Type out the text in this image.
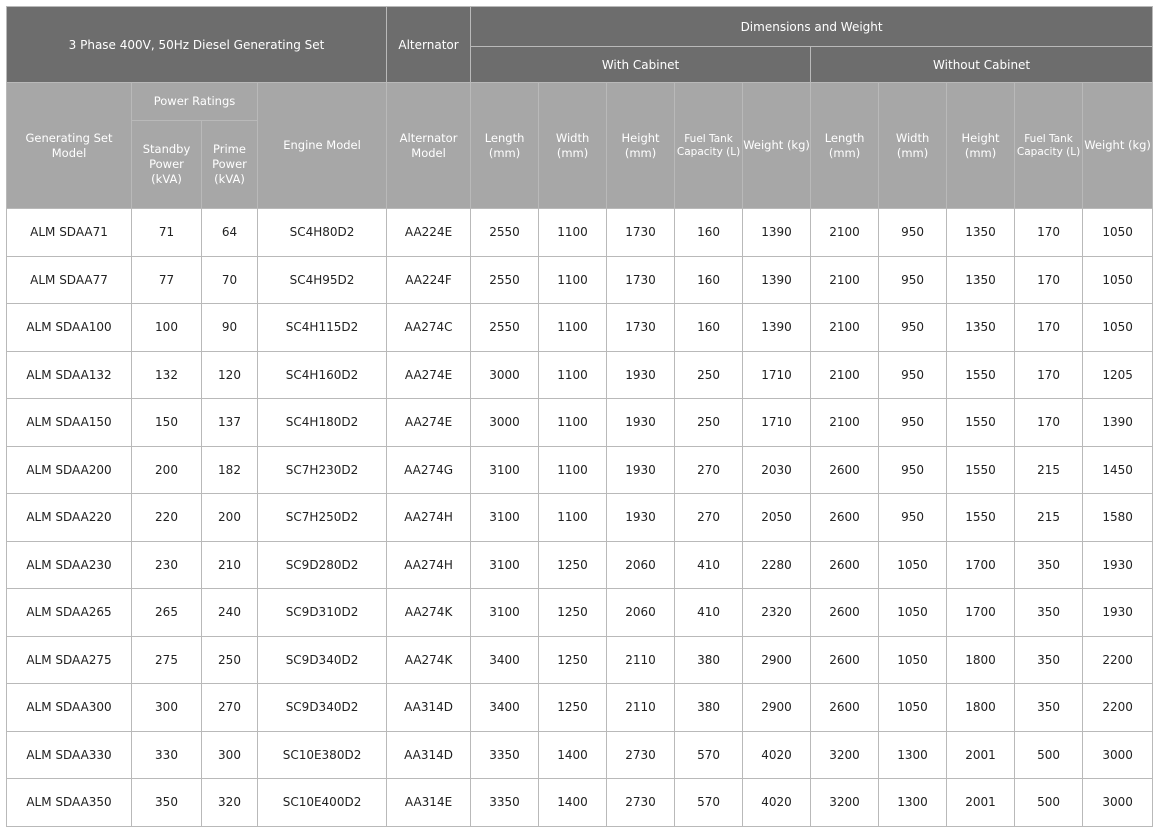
3 Phase 400V, 50Hz Diesel Generating Set				Alternator	Dimensions and Weight									
					With Cabinet					Without Cabinet				
Generating Set Model	Power Ratings		Engine Model	Alternator Model	Length (mm)	Width (mm)	Height (mm)	Fuel Tank Capacity (L)	Weight (kg)	Length (mm)	Width (mm)	Height (mm)	Fuel Tank Capacity (L)	Weight (kg)
	Standby Power (kVA)	Prime Power (kVA)												
ALM SDAA71	71	64	SC4H80D2	AA224E	2550	1100	1730	160	1390	2100	950	1350	170	1050
ALM SDAA77	77	70	SC4H95D2	AA224F	2550	1100	1730	160	1390	2100	950	1350	170	1050
ALM SDAA100	100	90	SC4H115D2	AA274C	2550	1100	1730	160	1390	2100	950	1350	170	1050
ALM SDAA132	132	120	SC4H160D2	AA274E	3000	1100	1930	250	1710	2100	950	1550	170	1205
ALM SDAA150	150	137	SC4H180D2	AA274E	3000	1100	1930	250	1710	2100	950	1550	170	1390
ALM SDAA200	200	182	SC7H230D2	AA274G	3100	1100	1930	270	2030	2600	950	1550	215	1450
ALM SDAA220	220	200	SC7H250D2	AA274H	3100	1100	1930	270	2050	2600	950	1550	215	1580
ALM SDAA230	230	210	SC9D280D2	AA274H	3100	1250	2060	410	2280	2600	1050	1700	350	1930
ALM SDAA265	265	240	SC9D310D2	AA274K	3100	1250	2060	410	2320	2600	1050	1700	350	1930
ALM SDAA275	275	250	SC9D340D2	AA274K	3400	1250	2110	380	2900	2600	1050	1800	350	2200
ALM SDAA300	300	270	SC9D340D2	AA314D	3400	1250	2110	380	2900	2600	1050	1800	350	2200
ALM SDAA330	330	300	SC10E380D2	AA314D	3350	1400	2730	570	4020	3200	1300	2001	500	3000
ALM SDAA350	350	320	SC10E400D2	AA314E	3350	1400	2730	570	4020	3200	1300	2001	500	3000
